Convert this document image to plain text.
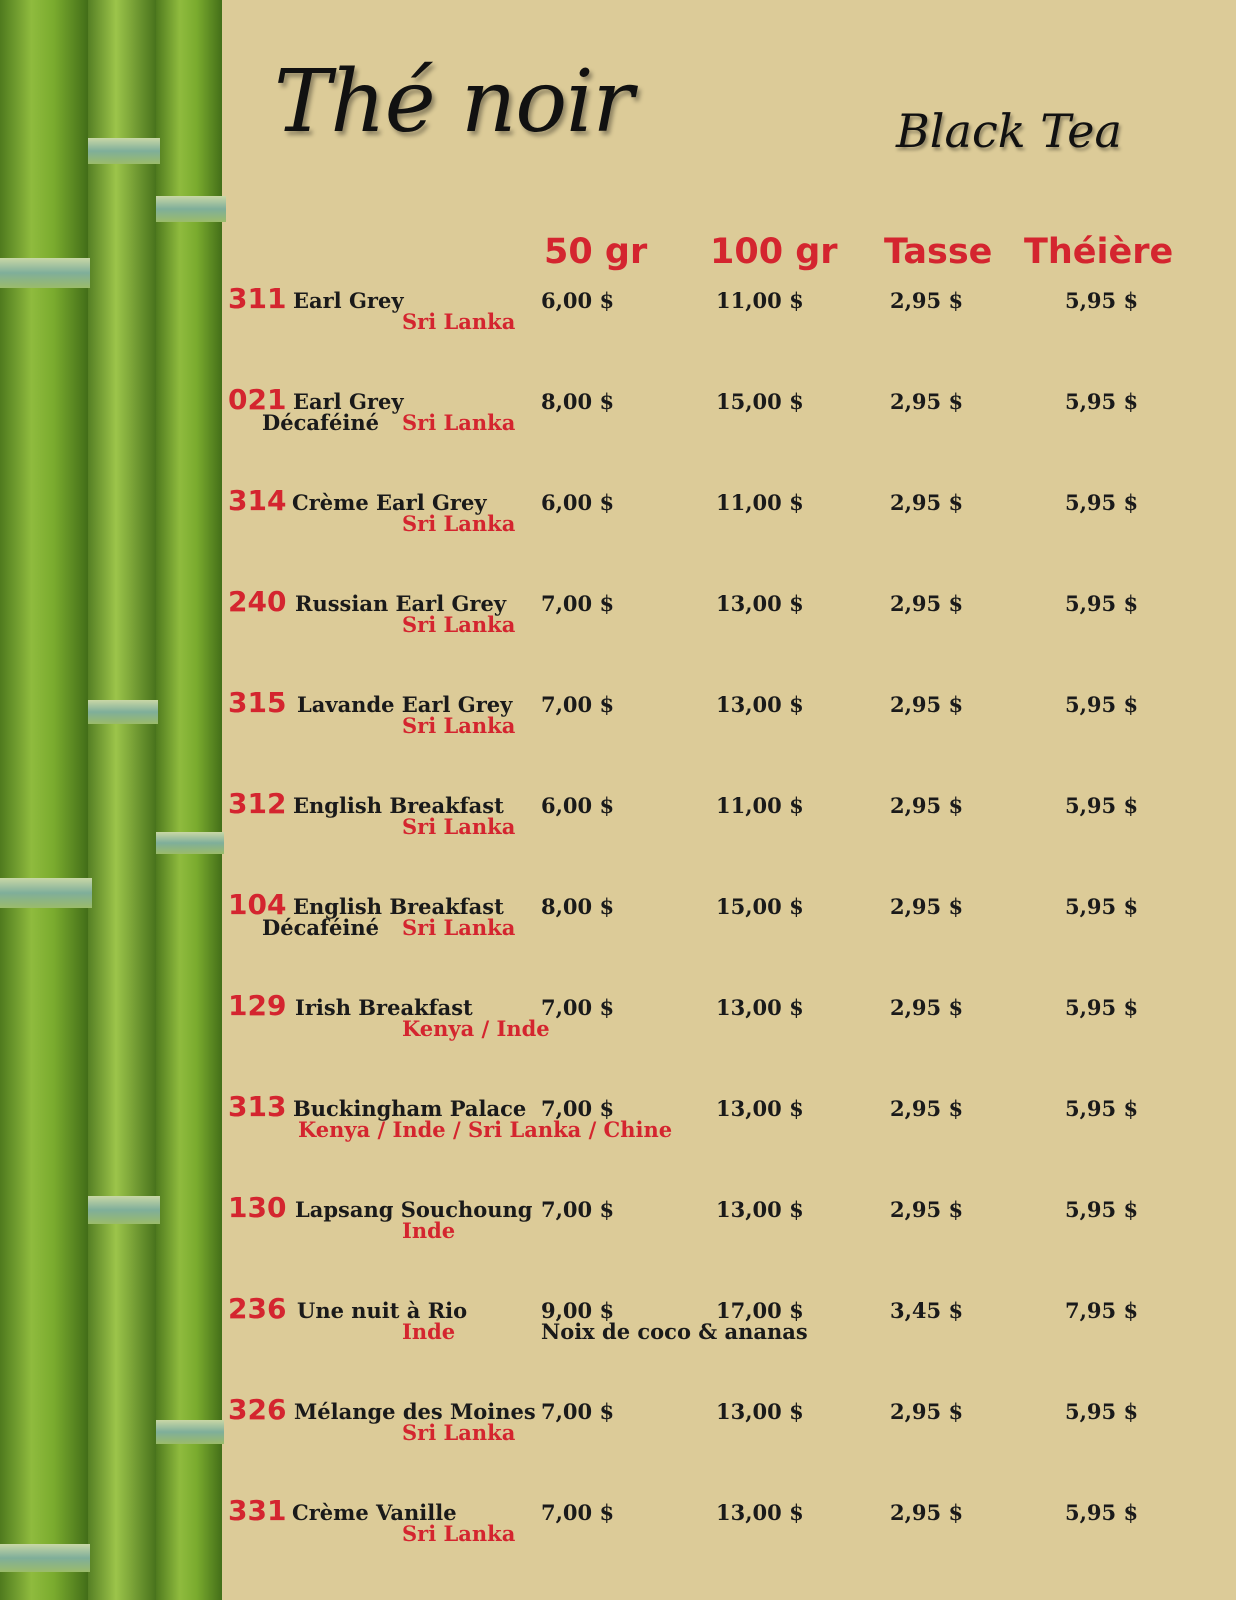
Thé noir	Black Tea
50 gr 100 gr Tasse Théière
311 Earl Grey
Sri Lanka
6,00 $	11,00 $	2,95 $	5,95 $
021 Earl Grey
Décaféiné Sri Lanka
8,00 $	15,00 $	2,95 $	5,95 $
314 Crème Earl Grey
Sri Lanka
6,00 $	11,00 $	2,95 $	5,95 $
240 Russian Earl Grey
Sri Lanka
7,00 $	13,00 $	2,95 $	5,95 $
315 Lavande Earl Grey
Sri Lanka
7,00 $	13,00 $	2,95 $	5,95 $
312 English Breakfast
Sri Lanka
6,00 $	11,00 $	2,95 $	5,95 $
104 English Breakfast
Décaféiné Sri Lanka
8,00 $	15,00 $	2,95 $	5,95 $
129 Irish Breakfast
Kenya / Inde
7,00 $	13,00 $	2,95 $	5,95 $
313 Buckingham Palace
Kenya / Inde / Sri Lanka / Chine
7,00 $	13,00 $	2,95 $	5,95 $
130 Lapsang Souchoung
Inde
7,00 $	13,00 $	2,95 $	5,95 $
236 Une nuit à Rio
Inde	Noix de coco & ananas
9,00 $	17,00 $	3,45 $	7,95 $
326 Mélange des Moines
Sri Lanka
7,00 $	13,00 $	2,95 $	5,95 $
331 Crème Vanille
Sri Lanka
7,00 $	13,00 $	2,95 $	5,95 $
